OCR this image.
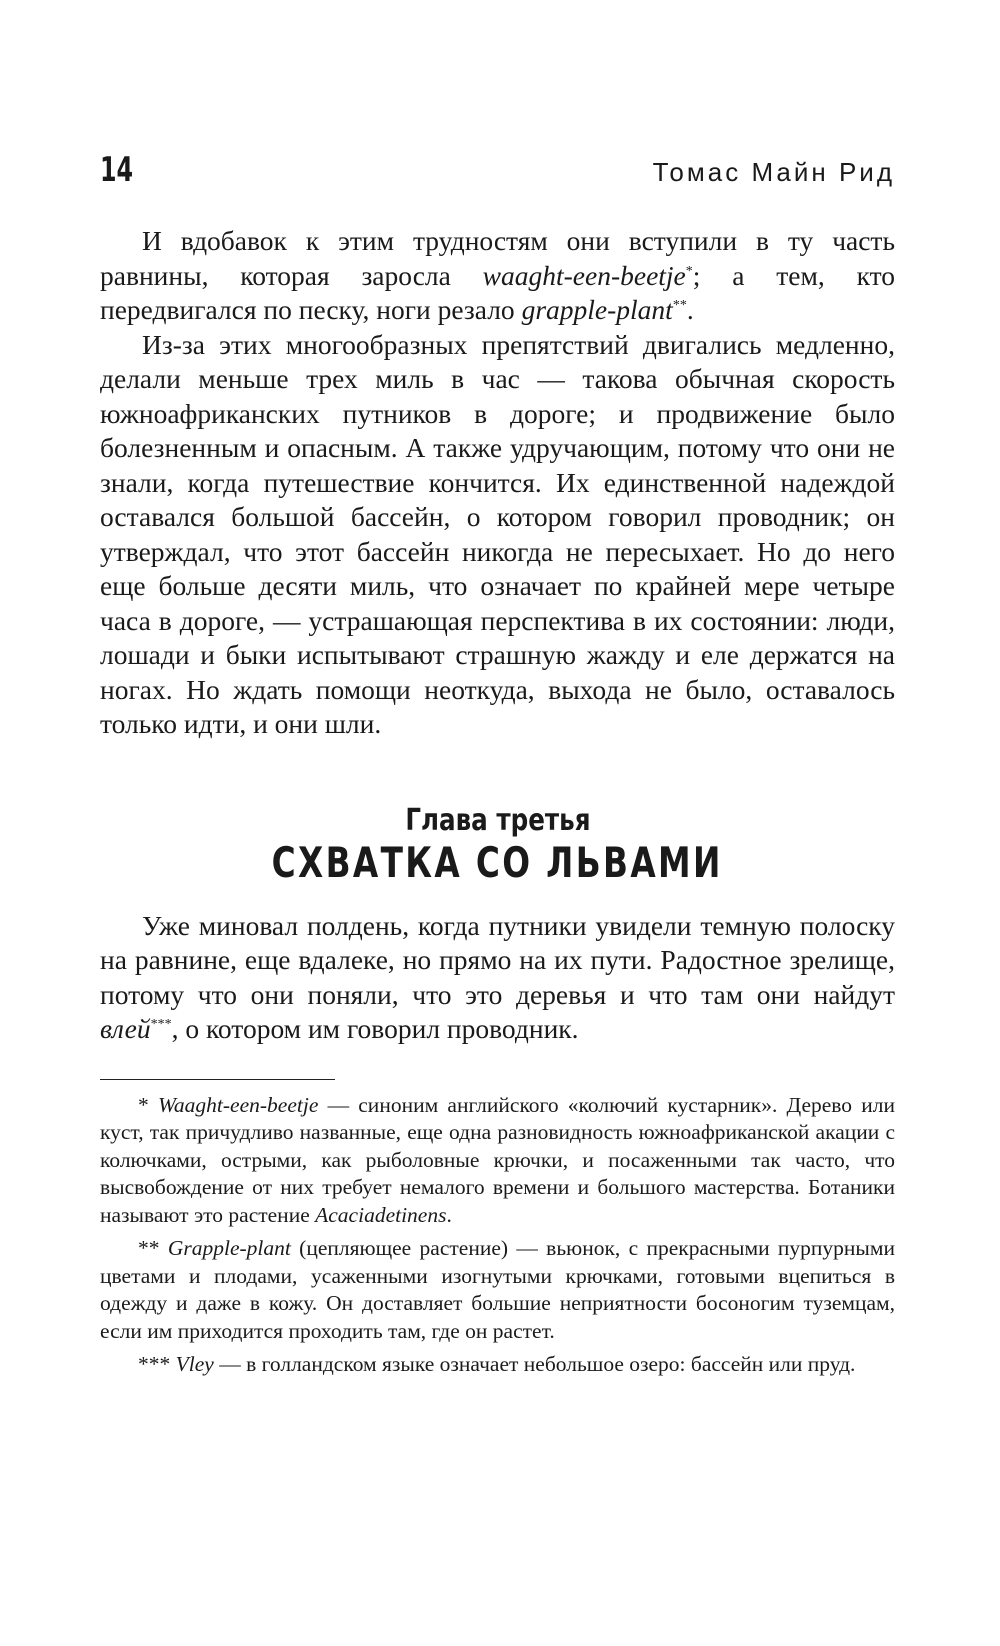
14	Томас Майн Рид

И вдобавок к этим трудностям они вступили в ту часть равнины, которая заросла waaght-een-beetje*; а тем, кто передвигался по песку, ноги резало grapple-plant**.

Из-за этих многообразных препятствий двигались медленно, делали меньше трех миль в час — такова обычная скорость южноафриканских путников в дороге; и продвижение было болезненным и опасным. А также удручающим, потому что они не знали, когда путешествие кончится. Их единственной надеждой оставался большой бассейн, о котором говорил проводник; он утверждал, что этот бассейн никогда не пересыхает. Но до него еще больше десяти миль, что означает по крайней мере четыре часа в дороге, — устрашающая перспектива в их состоянии: люди, лошади и быки испытывают страшную жажду и еле держатся на ногах. Но ждать помощи неоткуда, выхода не было, оставалось только идти, и они шли.

Глава третья
СХВАТКА СО ЛЬВАМИ

Уже миновал полдень, когда путники увидели темную полоску на равнине, еще вдалеке, но прямо на их пути. Радостное зрелище, потому что они поняли, что это деревья и что там они найдут влей***, о котором им говорил проводник.

* Waaght-een-beetje — синоним английского «колючий кустарник». Дерево или куст, так причудливо названные, еще одна разновидность южноафриканской акации с колючками, острыми, как рыболовные крючки, и посаженными так часто, что высвобождение от них требует немалого времени и большого мастерства. Ботаники называют это растение Acaciadetinens.

** Grapple-plant (цепляющее растение) — вьюнок, с прекрасными пурпурными цветами и плодами, усаженными изогнутыми крючками, готовыми вцепиться в одежду и даже в кожу. Он доставляет большие неприятности босоногим туземцам, если им приходится проходить там, где он растет.

*** Vley — в голландском языке означает небольшое озеро: бассейн или пруд.
